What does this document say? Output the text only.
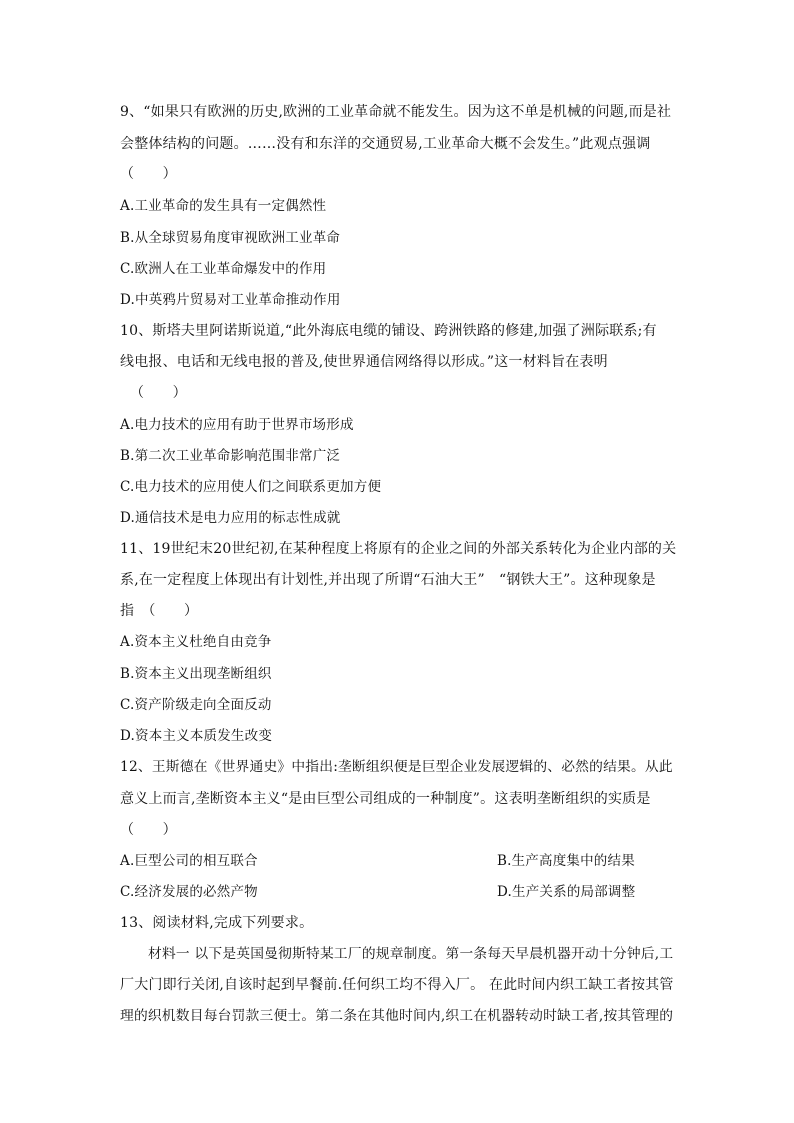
9、“如果只有欧洲的历史,欧洲的工业革命就不能发生。因为这不单是机械的问题,而是社
会整体结构的问题。……没有和东洋的交通贸易,工业革命大概不会发生。”此观点强调
（　　）
A.工业革命的发生具有一定偶然性
B.从全球贸易角度审视欧洲工业革命
C.欧洲人在工业革命爆发中的作用
D.中英鸦片贸易对工业革命推动作用
10、斯塔夫里阿诺斯说道,“此外海底电缆的铺设、跨洲铁路的修建,加强了洲际联系;有
线电报、电话和无线电报的普及,使世界通信网络得以形成。”这一材料旨在表明
（　　）
A.电力技术的应用有助于世界市场形成
B.第二次工业革命影响范围非常广泛
C.电力技术的应用使人们之间联系更加方便
D.通信技术是电力应用的标志性成就
11、19世纪末20世纪初,在某种程度上将原有的企业之间的外部关系转化为企业内部的关
系,在一定程度上体现出有计划性,并出现了所谓“石油大王”　“钢铁大王”。这种现象是
指　（　　）
A.资本主义杜绝自由竞争
B.资本主义出现垄断组织
C.资产阶级走向全面反动
D.资本主义本质发生改变
12、王斯德在《世界通史》中指出:垄断组织便是巨型企业发展逻辑的、必然的结果。从此
意义上而言,垄断资本主义“是由巨型公司组成的一种制度”。这表明垄断组织的实质是
（　　）
A.巨型公司的相互联合	B.生产高度集中的结果
C.经济发展的必然产物	D.生产关系的局部调整
13、阅读材料,完成下列要求。
材料一 以下是英国曼彻斯特某工厂的规章制度。第一条每天早晨机器开动十分钟后,工
厂大门即行关闭,自该时起到早餐前.任何织工均不得入厂。 在此时间内织工缺工者按其管
理的织机数目每台罚款三便士。第二条在其他时间内,织工在机器转动时缺工者,按其管理的
